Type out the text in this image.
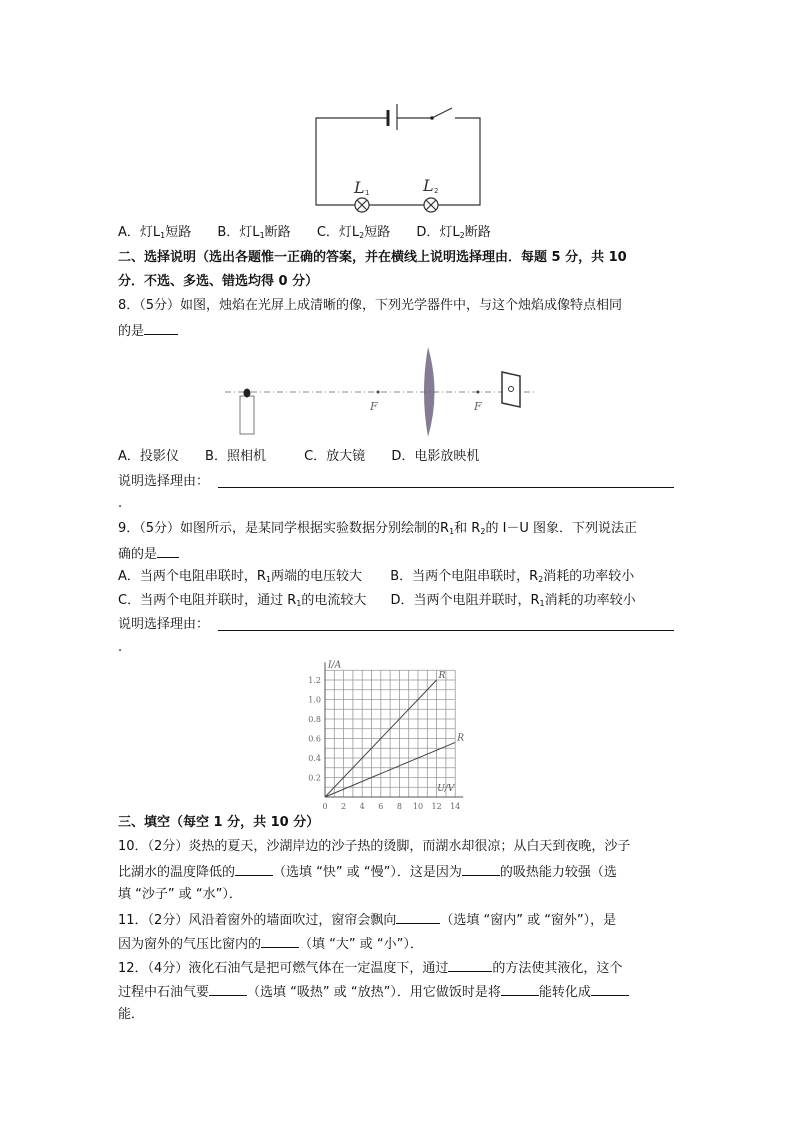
L 1	L 2
A．灯$L_1$短路 B．灯$L_1$断路 C．灯$L_2$短路 D．灯$L_2$断路
二、选择说明（选出各题惟一正确的答案，并在横线上说明选择理由．每题 5 分，共 10
分．不选、多选、错选均得 0 分）
8．（5分）如图，烛焰在光屏上成清晰的像，下列光学器件中，与这个烛焰成像特点相同
的是
F	F
A．投影仪 B．照相机	C．放大镜 D．电影放映机
说明选择理由：
.
9．（5分）如图所示，是某同学根据实验数据分别绘制的$R_1$和 $R_2$的 I－U 图象．下列说法正
确的是
A．当两个电阻串联时，$R_1$两端的电压较大 B．当两个电阻串联时，$R_2$消耗的功率较小
C．当两个电阻并联时，通过 $R_1$的电流较大 D．当两个电阻并联时，$R_1$消耗的功率较小
说明选择理由：
.
0 2 4 6 8 10 12 14
0.2
0.4
0.6
0.8
1.0
1.2
I/A
U/V
R
R
三、填空（每空 1 分，共 10 分）
10．（2分）炎热的夏天，沙湖岸边的沙子热的烫脚，而湖水却很凉；从白天到夜晚，沙子
比湖水的温度降低的	（选填 “快” 或 “慢”）．这是因为	的吸热能力较强（选
填 “沙子” 或 “水”）．
11．（2分）风沿着窗外的墙面吹过，窗帘会飘向	（选填 “窗内” 或 “窗外”），是
因为窗外的气压比窗内的	（填 “大” 或 “小”）．
12．（4分）液化石油气是把可燃气体在一定温度下，通过	的方法使其液化，这个
过程中石油气要	（选填 “吸热” 或 “放热”）．用它做饭时是将	能转化成
能．
